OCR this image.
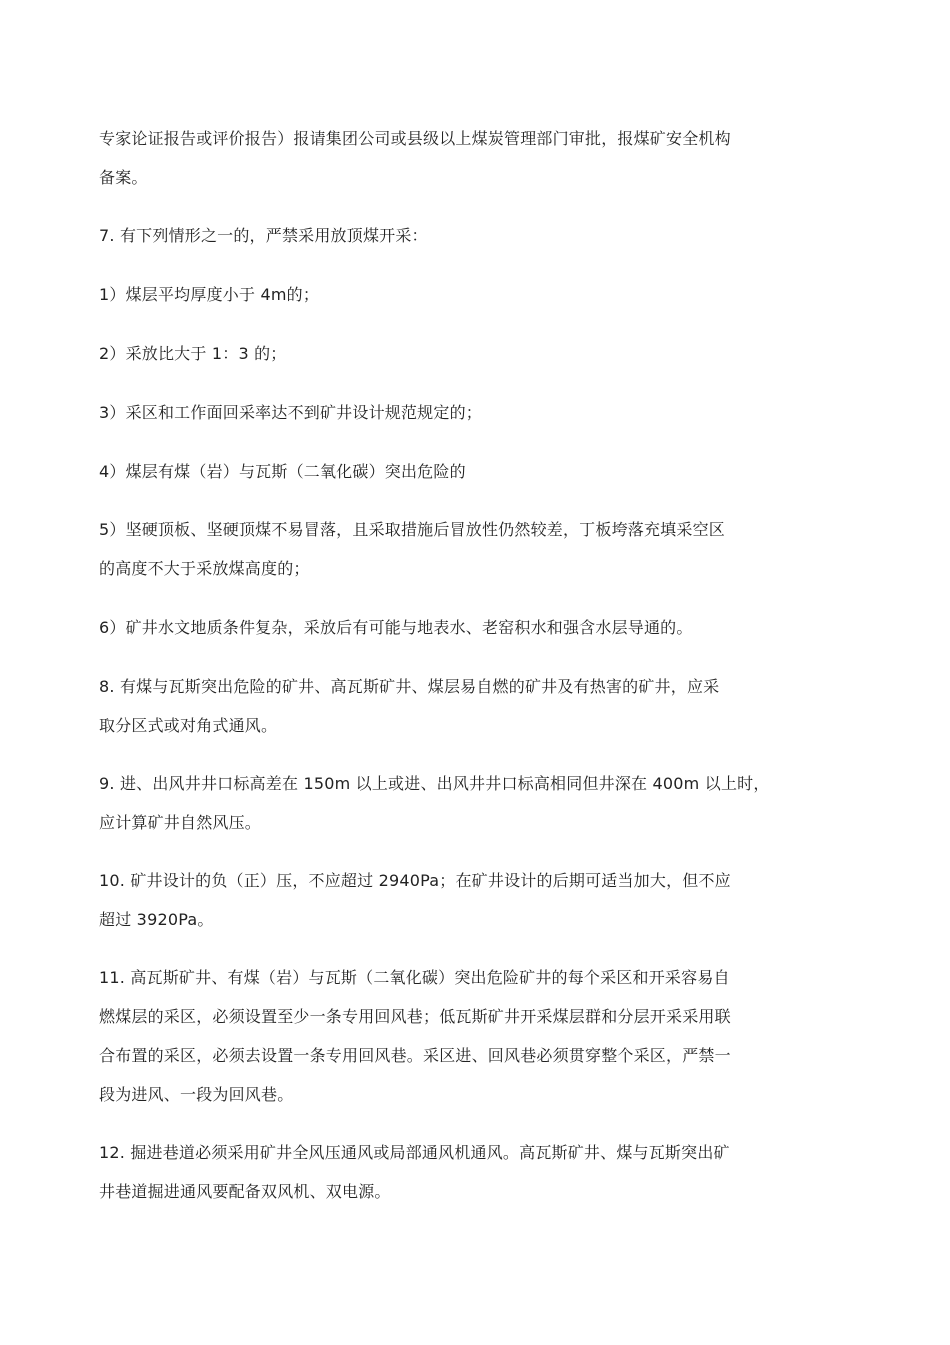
专家论证报告或评价报告）报请集团公司或县级以上煤炭管理部门审批，报煤矿安全机构
备案。
7. 有下列情形之一的，严禁采用放顶煤开采：
1）煤层平均厚度小于 4m的；
2）采放比大于 1：3 的；
3）采区和工作面回采率达不到矿井设计规范规定的；
4）煤层有煤（岩）与瓦斯（二氧化碳）突出危险的
5）坚硬顶板、坚硬顶煤不易冒落，且采取措施后冒放性仍然较差，丁板垮落充填采空区
的高度不大于采放煤高度的；
6）矿井水文地质条件复杂，采放后有可能与地表水、老窑积水和强含水层导通的。
8. 有煤与瓦斯突出危险的矿井、高瓦斯矿井、煤层易自燃的矿井及有热害的矿井，应采
取分区式或对角式通风。
9. 进、出风井井口标高差在 150m 以上或进、出风井井口标高相同但井深在 400m 以上时，
应计算矿井自然风压。
10. 矿井设计的负（正）压，不应超过 2940Pa；在矿井设计的后期可适当加大，但不应
超过 3920Pa。
11. 高瓦斯矿井、有煤（岩）与瓦斯（二氧化碳）突出危险矿井的每个采区和开采容易自
燃煤层的采区，必须设置至少一条专用回风巷；低瓦斯矿井开采煤层群和分层开采采用联
合布置的采区，必须去设置一条专用回风巷。采区进、回风巷必须贯穿整个采区，严禁一
段为进风、一段为回风巷。
12. 掘进巷道必须采用矿井全风压通风或局部通风机通风。高瓦斯矿井、煤与瓦斯突出矿
井巷道掘进通风要配备双风机、双电源。
